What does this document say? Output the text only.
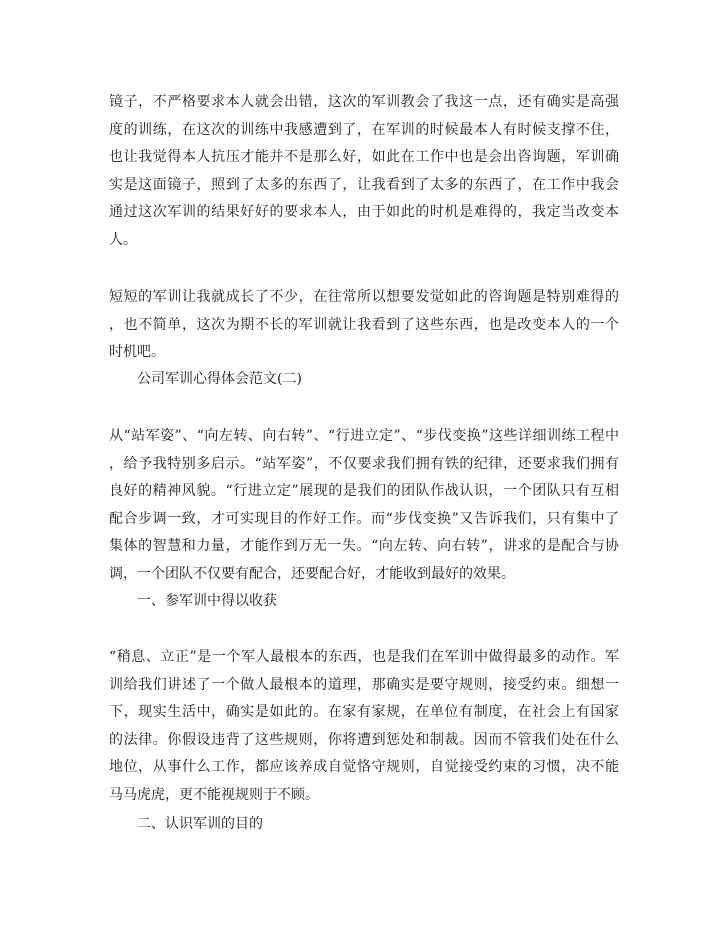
镜子，不严格要求本人就会出错，这次的军训教会了我这一点，还有确实是高强
度的训练，在这次的训练中我感遭到了，在军训的时候最本人有时候支撑不住，
也让我觉得本人抗压才能并不是那么好，如此在工作中也是会出咨询题，军训确
实是这面镜子，照到了太多的东西了，让我看到了太多的东西了，在工作中我会
通过这次军训的结果好好的要求本人，由于如此的时机是难得的，我定当改变本
人。
短短的军训让我就成长了不少，在往常所以想要发觉如此的咨询题是特别难得的
，也不简单，这次为期不长的军训就让我看到了这些东西，也是改变本人的一个
时机吧。
公司军训心得体会范文(二)
从“站军姿”、“向左转、向右转”、“行进立定”、“步伐变换”这些详细训练工程中
，给予我特别多启示。“站军姿”，不仅要求我们拥有铁的纪律，还要求我们拥有
良好的精神风貌。“行进立定”展现的是我们的团队作战认识，一个团队只有互相
配合步调一致，才可实现目的作好工作。而“步伐变换”又告诉我们，只有集中了
集体的智慧和力量，才能作到万无一失。“向左转、向右转”，讲求的是配合与协
调，一个团队不仅要有配合，还要配合好，才能收到最好的效果。
一、参军训中得以收获
“稍息、立正”是一个军人最根本的东西，也是我们在军训中做得最多的动作。军
训给我们讲述了一个做人最根本的道理，那确实是要守规则，接受约束。细想一
下，现实生活中，确实是如此的。在家有家规，在单位有制度，在社会上有国家
的法律。你假设违背了这些规则，你将遭到惩处和制裁。因而不管我们处在什么
地位，从事什么工作，都应该养成自觉恪守规则，自觉接受约束的习惯，决不能
马马虎虎，更不能视规则于不顾。
二、认识军训的目的
